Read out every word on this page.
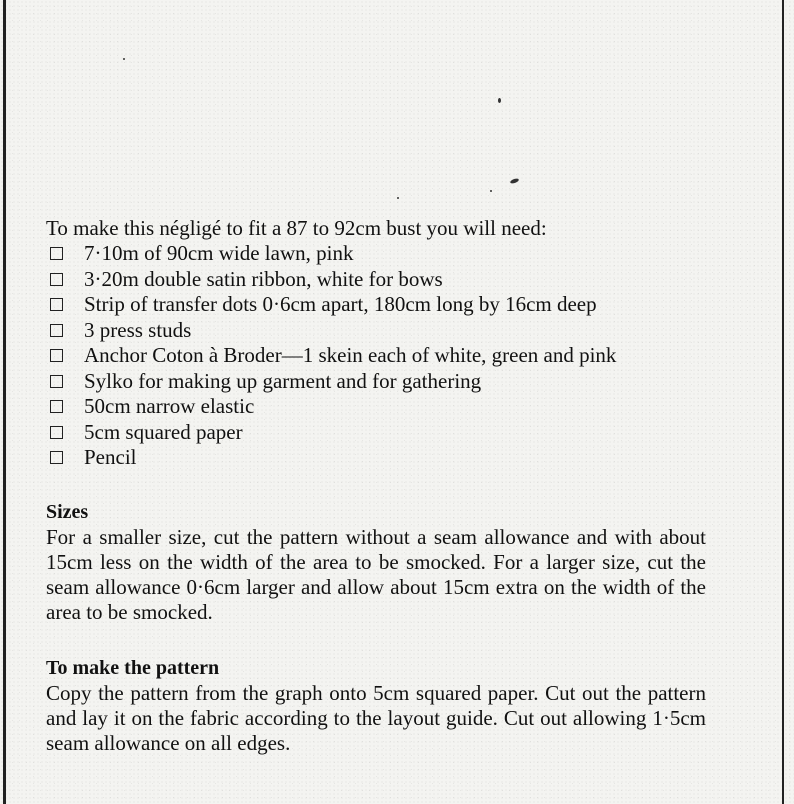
To make this négligé to fit a 87 to 92cm bust you will need:

7·10m of 90cm wide lawn, pink
3·20m double satin ribbon, white for bows
Strip of transfer dots 0·6cm apart, 180cm long by 16cm deep
3 press studs
Anchor Coton à Broder—1 skein each of white, green and pink
Sylko for making up garment and for gathering
50cm narrow elastic
5cm squared paper
Pencil
Sizes

For a smaller size, cut the pattern without a seam allowance and with about 15cm less on the width of the area to be smocked. For a larger size, cut the seam allowance 0·6cm larger and allow about 15cm extra on the width of the area to be smocked.

To make the pattern

Copy the pattern from the graph onto 5cm squared paper. Cut out the pattern and lay it on the fabric according to the layout guide. Cut out allowing 1·5cm seam allowance on all edges.
